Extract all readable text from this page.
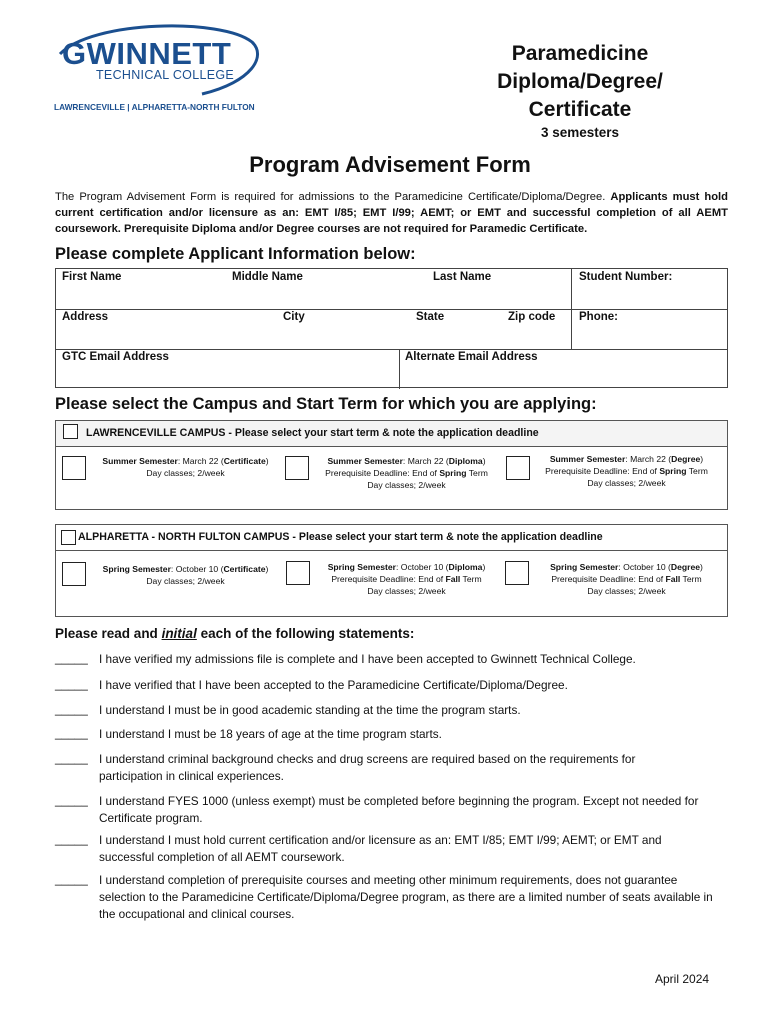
GWINNETT
TECHNICAL COLLEGE
LAWRENCEVILLE | ALPHARETTA-NORTH FULTON
Paramedicine
Diploma/Degree/
Certificate
3 semesters
Program Advisement Form
The Program Advisement Form is required for admissions to the Paramedicine Certificate/Diploma/Degree. Applicants must hold current certification and/or licensure as an: EMT I/85; EMT I/99; AEMT; or EMT and successful completion of all AEMT coursework. Prerequisite Diploma and/or Degree courses are not required for Paramedic Certificate.
Please complete Applicant Information below:
First Name	Middle Name	Last Name	Student Number:
Address	City	State	Zip code Phone:
GTC Email Address	Alternate Email Address
Please select the Campus and Start Term for which you are applying:
LAWRENCEVILLE CAMPUS - Please select your start term & note the application deadline
Summer Semester: March 22 (Certificate)
Day classes; 2/week
Summer Semester: March 22 (Diploma)
Prerequisite Deadline: End of Spring Term
Day classes; 2/week
Summer Semester: March 22 (Degree)
Prerequisite Deadline: End of Spring Term
Day classes; 2/week
ALPHARETTA - NORTH FULTON CAMPUS - Please select your start term & note the application deadline
Spring Semester: October 10 (Certificate)
Day classes; 2/week
Spring Semester: October 10 (Diploma)
Prerequisite Deadline: End of Fall Term
Day classes; 2/week
Spring Semester: October 10 (Degree)
Prerequisite Deadline: End of Fall Term
Day classes; 2/week
Please read and initial each of the following statements:
_____ I have verified my admissions file is complete and I have been accepted to Gwinnett Technical College.
_____ I have verified that I have been accepted to the Paramedicine Certificate/Diploma/Degree.
_____ I understand I must be in good academic standing at the time the program starts.
_____ I understand I must be 18 years of age at the time program starts.
_____ I understand criminal background checks and drug screens are required based on the requirements for participation in clinical experiences.
_____ I understand FYES 1000 (unless exempt) must be completed before beginning the program. Except not needed for Certificate program.
_____ I understand I must hold current certification and/or licensure as an: EMT I/85; EMT I/99; AEMT; or EMT and successful completion of all AEMT coursework.
_____ I understand completion of prerequisite courses and meeting other minimum requirements, does not guarantee selection to the Paramedicine Certificate/Diploma/Degree program, as there are a limited number of seats available in the occupational and clinical courses.
April 2024
